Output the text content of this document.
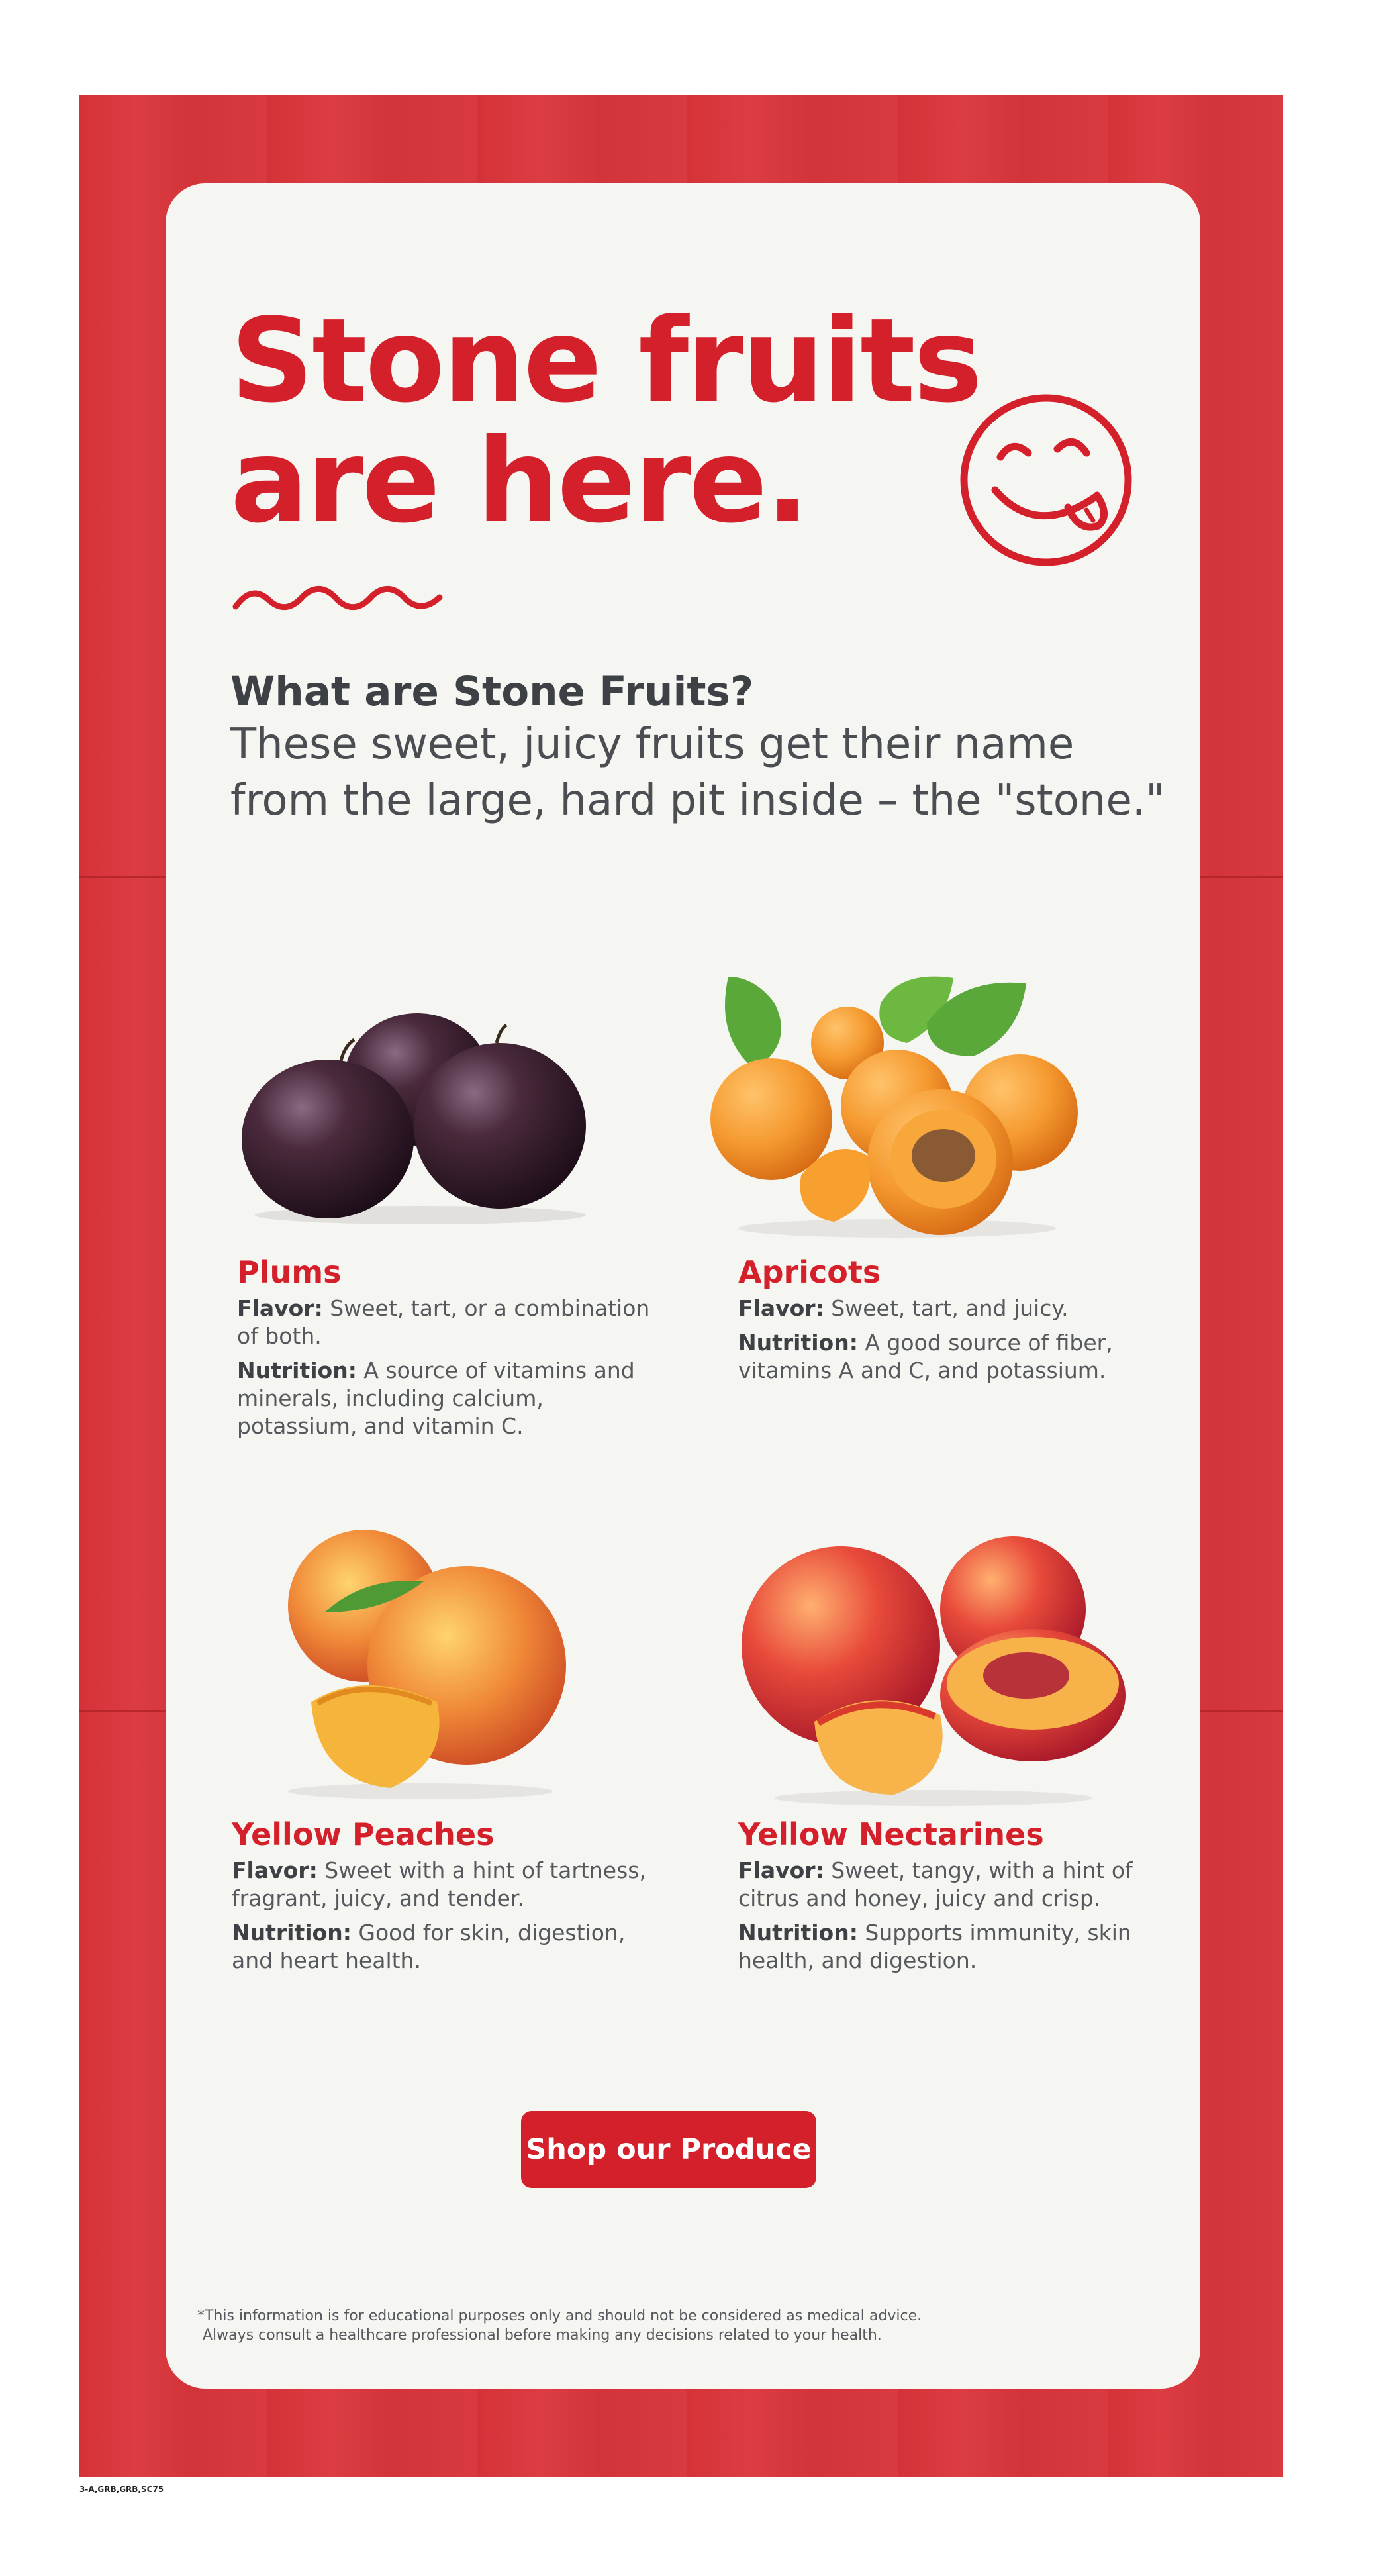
Stone fruits
are here.
What are Stone Fruits?

These sweet, juicy fruits get their name from the large, hard pit inside – the "stone."

Plums

Flavor: Sweet, tart, or a combination of both.
Nutrition: A source of vitamins and minerals, including calcium, potassium, and vitamin C.

Apricots

Flavor: Sweet, tart, and juicy.
Nutrition: A good source of fiber, vitamins A and C, and potassium.

Yellow Peaches

Flavor: Sweet with a hint of tartness, fragrant, juicy, and tender.
Nutrition: Good for skin, digestion, and heart health.

Yellow Nectarines

Flavor: Sweet, tangy, with a hint of citrus and honey, juicy and crisp.
Nutrition: Supports immunity, skin health, and digestion.

Shop our Produce

*This information is for educational purposes only and should not be considered as medical advice.
Always consult a healthcare professional before making any decisions related to your health.

3-A,GRB,GRB,SC75
